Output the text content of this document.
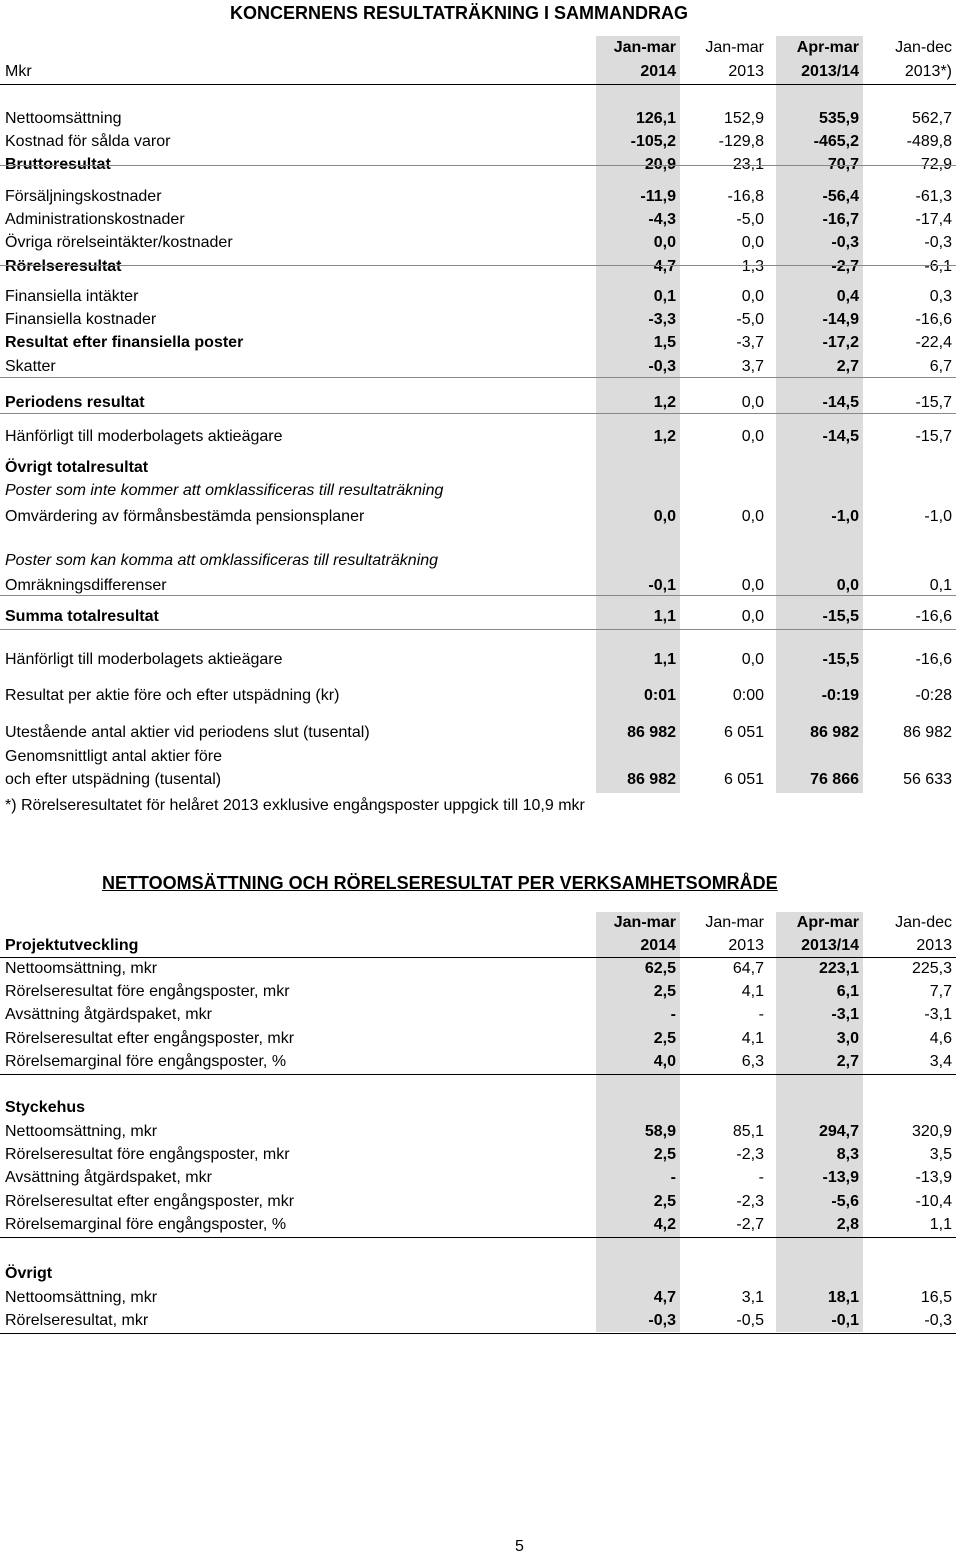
KONCERNENS RESULTATRÄKNING I SAMMANDRAG
Jan-mar	Jan-mar	Apr-mar	Jan-dec
Mkr	2014	2013	2013/14	2013*)
Nettoomsättning	126,1	152,9	535,9	562,7
Kostnad för sålda varor	-105,2	-129,8	-465,2	-489,8
Bruttoresultat	20,9	23,1	70,7	72,9
Försäljningskostnader	-11,9	-16,8	-56,4	-61,3
Administrationskostnader	-4,3	-5,0	-16,7	-17,4
Övriga rörelseintäkter/kostnader	0,0	0,0	-0,3	-0,3
Rörelseresultat	4,7	1,3	-2,7	-6,1
Finansiella intäkter	0,1	0,0	0,4	0,3
Finansiella kostnader	-3,3	-5,0	-14,9	-16,6
Resultat efter finansiella poster	1,5	-3,7	-17,2	-22,4
Skatter	-0,3	3,7	2,7	6,7
Periodens resultat	1,2	0,0	-14,5	-15,7
Hänförligt till moderbolagets aktieägare	1,2	0,0	-14,5	-15,7
Övrigt totalresultat
Poster som inte kommer att omklassificeras till resultaträkning
Omvärdering av förmånsbestämda pensionsplaner	0,0	0,0	-1,0	-1,0
Poster som kan komma att omklassificeras till resultaträkning
Omräkningsdifferenser	-0,1	0,0	0,0	0,1
Summa totalresultat	1,1	0,0	-15,5	-16,6
Hänförligt till moderbolagets aktieägare	1,1	0,0	-15,5	-16,6
Resultat per aktie före och efter utspädning (kr)	0:01	0:00	-0:19	-0:28
Utestående antal aktier vid periodens slut (tusental)	86 982	6 051	86 982	86 982
Genomsnittligt antal aktier före
och efter utspädning (tusental)	86 982	6 051	76 866	56 633
*) Rörelseresultatet för helåret 2013 exklusive engångsposter uppgick till 10,9 mkr
NETTOOMSÄTTNING OCH RÖRELSERESULTAT PER VERKSAMHETSOMRÅDE
Jan-mar	Jan-mar	Apr-mar	Jan-dec
Projektutveckling	2014	2013	2013/14	2013
Nettoomsättning, mkr	62,5	64,7	223,1	225,3
Rörelseresultat före engångsposter, mkr	2,5	4,1	6,1	7,7
Avsättning åtgärdspaket, mkr	-	-	-3,1	-3,1
Rörelseresultat efter engångsposter, mkr	2,5	4,1	3,0	4,6
Rörelsemarginal före engångsposter, %	4,0	6,3	2,7	3,4
Styckehus
Nettoomsättning, mkr	58,9	85,1	294,7	320,9
Rörelseresultat före engångsposter, mkr	2,5	-2,3	8,3	3,5
Avsättning åtgärdspaket, mkr	-	-	-13,9	-13,9
Rörelseresultat efter engångsposter, mkr	2,5	-2,3	-5,6	-10,4
Rörelsemarginal före engångsposter, %	4,2	-2,7	2,8	1,1
Övrigt
Nettoomsättning, mkr	4,7	3,1	18,1	16,5
Rörelseresultat, mkr	-0,3	-0,5	-0,1	-0,3
5
